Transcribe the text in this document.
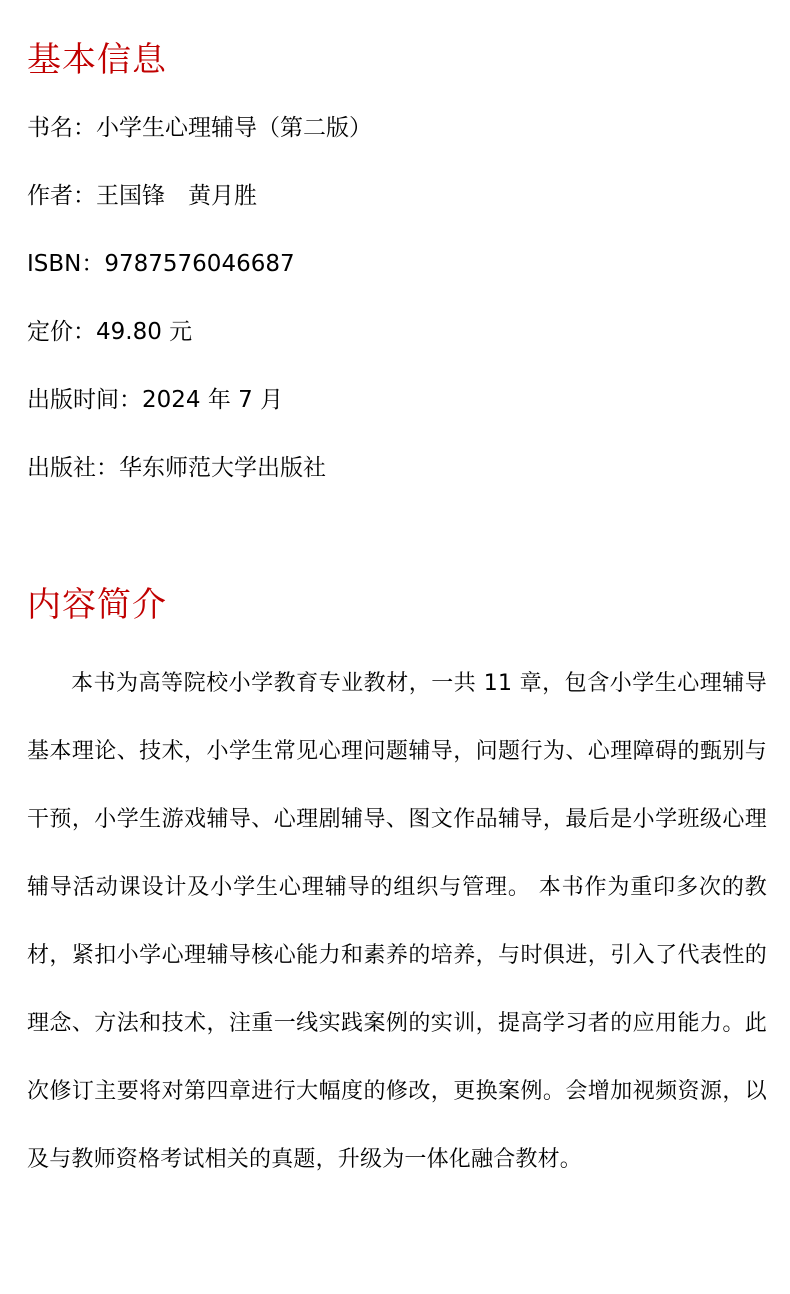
基本信息

书名：小学生心理辅导（第二版）

作者：王国锋　黄月胜

ISBN：9787576046687

定价：49.80 元

出版时间：2024 年 7 月

出版社：华东师范大学出版社

内容简介

本书为高等院校小学教育专业教材，一共 11 章，包含小学生心理辅导基本理论、技术，小学生常见心理问题辅导，问题行为、心理障碍的甄别与干预，小学生游戏辅导、心理剧辅导、图文作品辅导，最后是小学班级心理辅导活动课设计及小学生心理辅导的组织与管理。 本书作为重印多次的教材，紧扣小学心理辅导核心能力和素养的培养，与时俱进，引入了代表性的理念、方法和技术，注重一线实践案例的实训，提高学习者的应用能力。此次修订主要将对第四章进行大幅度的修改，更换案例。会增加视频资源，以及与教师资格考试相关的真题，升级为一体化融合教材。
